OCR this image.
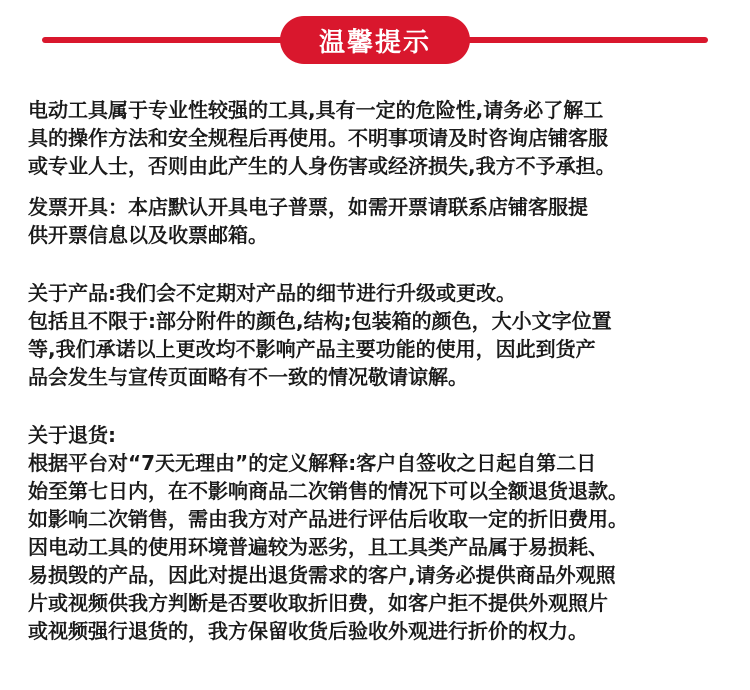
温馨提示

电动工具属于专业性较强的工具,具有一定的危险性,请务必了解工
具的操作方法和安全规程后再使用。不明事项请及时咨询店铺客服
或专业人士，否则由此产生的人身伤害或经济损失,我方不予承担。

发票开具：本店默认开具电子普票，如需开票请联系店铺客服提
供开票信息以及收票邮箱。

关于产品:我们会不定期对产品的细节进行升级或更改。
包括且不限于:部分附件的颜色,结构;包装箱的颜色，大小文字位置
等,我们承诺以上更改均不影响产品主要功能的使用，因此到货产
品会发生与宣传页面略有不一致的情况敬请谅解。

关于退货:
根据平台对“7天无理由”的定义解释:客户自签收之日起自第二日
始至第七日内，在不影响商品二次销售的情况下可以全额退货退款。
如影响二次销售，需由我方对产品进行评估后收取一定的折旧费用。
因电动工具的使用环境普遍较为恶劣，且工具类产品属于易损耗、
易损毁的产品，因此对提出退货需求的客户,请务必提供商品外观照
片或视频供我方判断是否要收取折旧费，如客户拒不提供外观照片
或视频强行退货的，我方保留收货后验收外观进行折价的权力。
